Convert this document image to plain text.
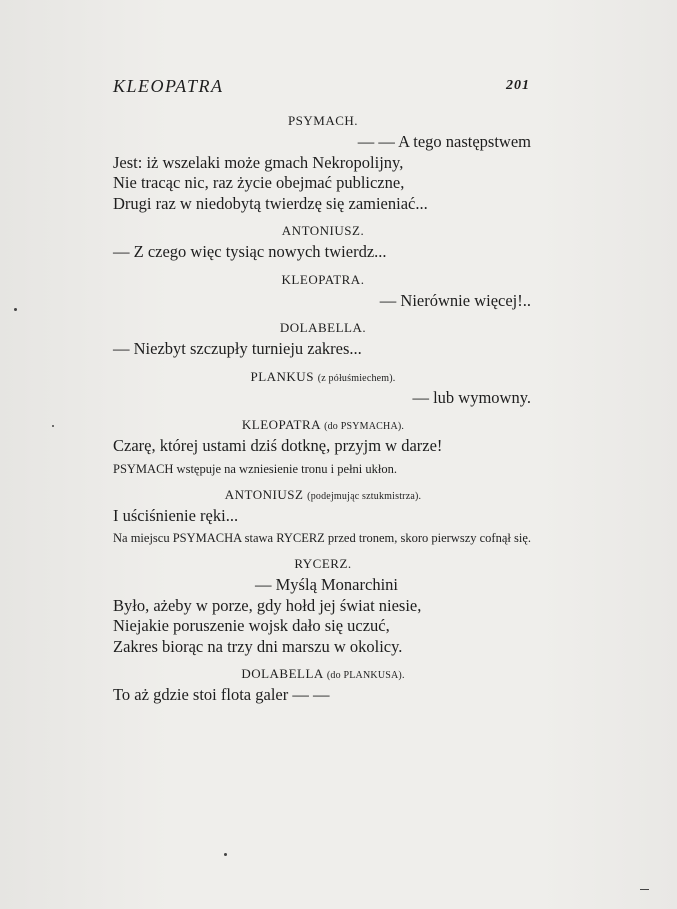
KLEOPATRA	201
PSYMACH.
— — A tego następstwem
Jest: iż wszelaki może gmach Nekropolijny,
Nie tracąc nic, raz życie obejmać publiczne,
Drugi raz w niedobytą twierdzę się zamieniać...
ANTONIUSZ.
— Z czego więc tysiąc nowych twierdz...
KLEOPATRA.
— Nierównie więcej!..
DOLABELLA.
— Niezbyt szczupły turnieju zakres...
PLANKUS (z półuśmiechem).
— lub wymowny.
KLEOPATRA (do PSYMACHA).
Czarę, której ustami dziś dotknę, przyjm w darze!
PSYMACH wstępuje na wzniesienie tronu i pełni ukłon.
ANTONIUSZ (podejmując sztukmistrza).
I uściśnienie ręki...
Na miejscu PSYMACHA stawa RYCERZ przed tronem, skoro pierwszy cofnął się.
RYCERZ.
— Myślą Monarchini
Było, ażeby w porze, gdy hołd jej świat niesie,
Niejakie poruszenie wojsk dało się uczuć,
Zakres biorąc na trzy dni marszu w okolicy.
DOLABELLA (do PLANKUSA).
To aż gdzie stoi flota galer — —
